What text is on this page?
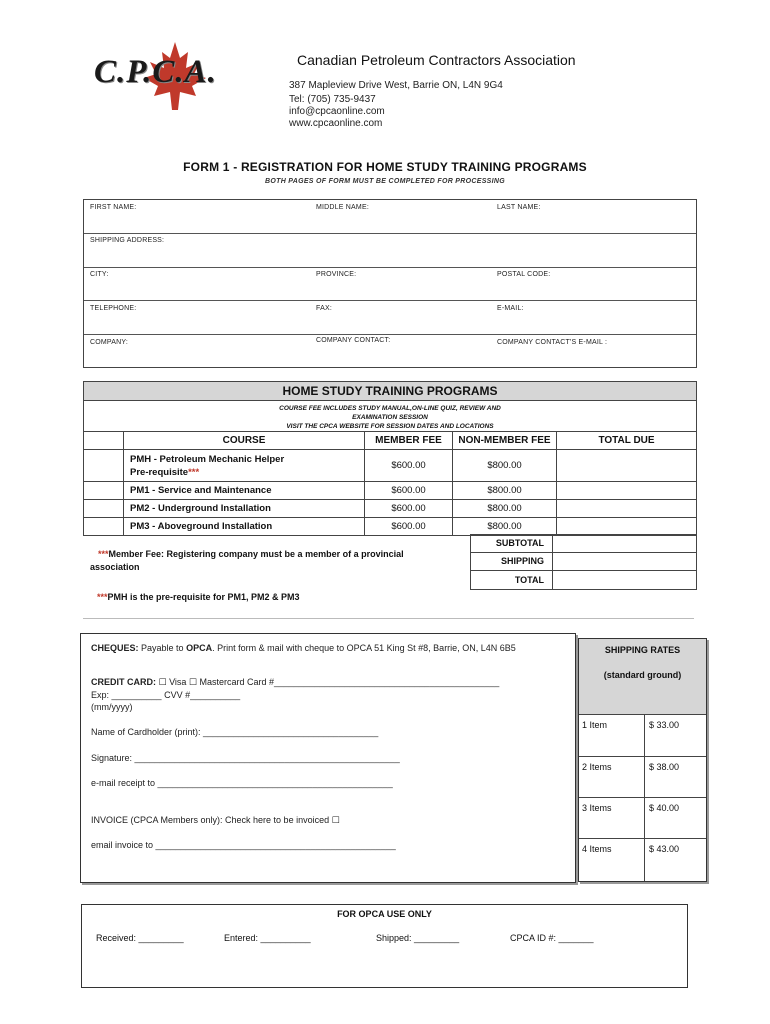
C.P.C.A.	Canadian Petroleum Contractors Association
387 Mapleview Drive West, Barrie ON, L4N 9G4
Tel: (705) 735-9437
info@cpcaonline.com
www.cpcaonline.com
FORM 1 - REGISTRATION FOR HOME STUDY TRAINING PROGRAMS
BOTH PAGES OF FORM MUST BE COMPLETED FOR PROCESSING
FIRST NAME:	MIDDLE NAME:	LAST NAME:
SHIPPING ADDRESS:
CITY:	PROVINCE:	POSTAL CODE:
TELEPHONE:	FAX:	E-MAIL:
COMPANY:	COMPANY CONTACT:	COMPANY CONTACT'S E-MAIL :
HOME STUDY TRAINING PROGRAMS
COURSE FEE INCLUDES STUDY MANUAL,ON-LINE QUIZ, REVIEW AND
EXAMINATION SESSION
VISIT THE CPCA WEBSITE FOR SESSION DATES AND LOCATIONS
COURSE	MEMBER FEE	NON-MEMBER FEE	TOTAL DUE
PMH - Petroleum Mechanic Helper
Pre-requisite***
$600.00	$800.00
PM1 - Service and Maintenance	$600.00	$800.00
PM2 - Underground Installation	$600.00	$800.00
PM3 - Aboveground Installation	$600.00	$800.00
SUBTOTAL
SHIPPING
TOTAL
***Member Fee: Registering company must be a member of a provincial association
***PMH is the pre-requisite for PM1, PM2 & PM3
CHEQUES: Payable to OPCA. Print form & mail with cheque to OPCA 51 King St #8, Barrie, ON, L4N 6B5
CREDIT CARD: ☐ Visa ☐ Mastercard Card #_____________________________________________
Exp: __________ CVV #__________
(mm/yyyy)
Name of Cardholder (print): ___________________________________
Signature: _____________________________________________________
e-mail receipt to _______________________________________________
INVOICE (CPCA Members only): Check here to be invoiced ☐
email invoice to ________________________________________________
SHIPPING RATES
(standard ground)
1 Item	$ 33.00
2 Items	$ 38.00
3 Items	$ 40.00
4 Items	$ 43.00
FOR OPCA USE ONLY
Received: _________	Entered: __________	Shipped: _________	CPCA ID #: _______
